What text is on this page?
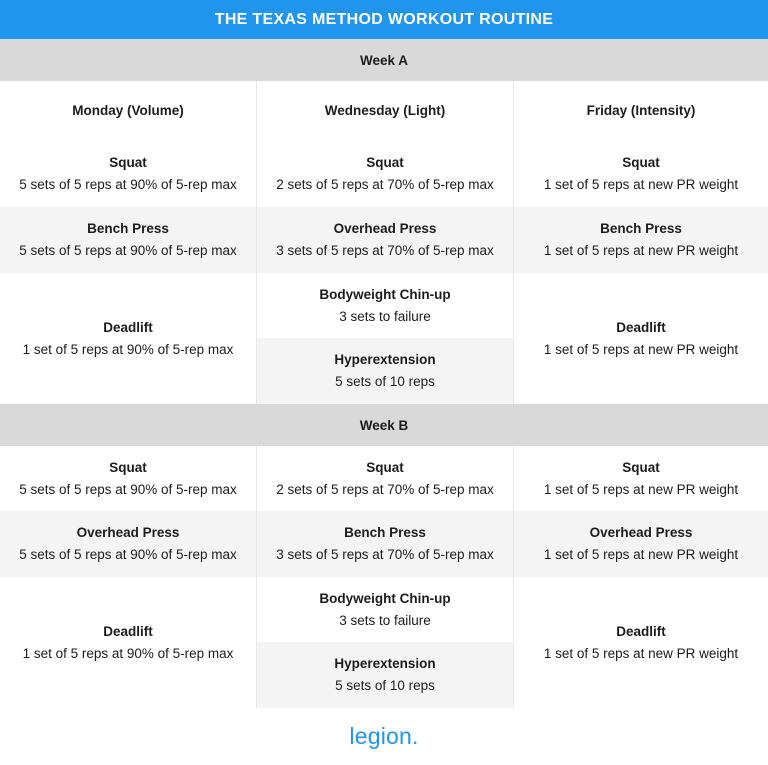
THE TEXAS METHOD WORKOUT ROUTINE
Week A
Monday (Volume)	Wednesday (Light)	Friday (Intensity)
Squat
5 sets of 5 reps at 90% of 5-rep max
Bench Press
5 sets of 5 reps at 90% of 5-rep max
Deadlift
1 set of 5 reps at 90% of 5-rep max
Squat
2 sets of 5 reps at 70% of 5-rep max
Overhead Press
3 sets of 5 reps at 70% of 5-rep max
Bodyweight Chin-up
3 sets to failure
Hyperextension
5 sets of 10 reps
Squat
1 set of 5 reps at new PR weight
Bench Press
1 set of 5 reps at new PR weight
Deadlift
1 set of 5 reps at new PR weight
Week B
Squat
5 sets of 5 reps at 90% of 5-rep max
Overhead Press
5 sets of 5 reps at 90% of 5-rep max
Deadlift
1 set of 5 reps at 90% of 5-rep max
Squat
2 sets of 5 reps at 70% of 5-rep max
Bench Press
3 sets of 5 reps at 70% of 5-rep max
Bodyweight Chin-up
3 sets to failure
Hyperextension
5 sets of 10 reps
Squat
1 set of 5 reps at new PR weight
Overhead Press
1 set of 5 reps at new PR weight
Deadlift
1 set of 5 reps at new PR weight
legion .
